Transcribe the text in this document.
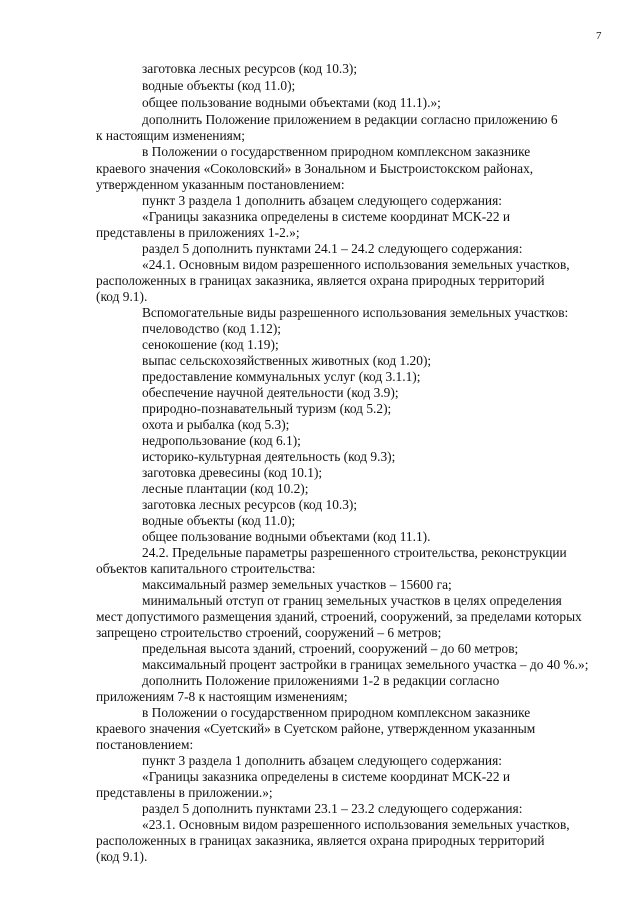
7
заготовка лесных ресурсов (код 10.3);
водные объекты (код 11.0);
общее пользование водными объектами (код 11.1).»;
дополнить Положение приложением в редакции согласно приложению 6
к настоящим изменениям;
в Положении о государственном природном комплексном заказнике
краевого значения «Соколовский» в Зональном и Быстроистокском районах,
утвержденном указанным постановлением:
пункт 3 раздела 1 дополнить абзацем следующего содержания:
«Границы заказника определены в системе координат МСК-22 и
представлены в приложениях 1-2.»;
раздел 5 дополнить пунктами 24.1 – 24.2 следующего содержания:
«24.1. Основным видом разрешенного использования земельных участков,
расположенных в границах заказника, является охрана природных территорий
(код 9.1).
Вспомогательные виды разрешенного использования земельных участков:
пчеловодство (код 1.12);
сенокошение (код 1.19);
выпас сельскохозяйственных животных (код 1.20);
предоставление коммунальных услуг (код 3.1.1);
обеспечение научной деятельности (код 3.9);
природно-познавательный туризм (код 5.2);
охота и рыбалка (код 5.3);
недропользование (код 6.1);
историко-культурная деятельность (код 9.3);
заготовка древесины (код 10.1);
лесные плантации (код 10.2);
заготовка лесных ресурсов (код 10.3);
водные объекты (код 11.0);
общее пользование водными объектами (код 11.1).
24.2. Предельные параметры разрешенного строительства, реконструкции
объектов капитального строительства:
максимальный размер земельных участков – 15600 га;
минимальный отступ от границ земельных участков в целях определения
мест допустимого размещения зданий, строений, сооружений, за пределами которых
запрещено строительство строений, сооружений – 6 метров;
предельная высота зданий, строений, сооружений – до 60 метров;
максимальный процент застройки в границах земельного участка – до 40 %.»;
дополнить Положение приложениями 1-2 в редакции согласно
приложениям 7-8 к настоящим изменениям;
в Положении о государственном природном комплексном заказнике
краевого значения «Суетский» в Суетском районе, утвержденном указанным
постановлением:
пункт 3 раздела 1 дополнить абзацем следующего содержания:
«Границы заказника определены в системе координат МСК-22 и
представлены в приложении.»;
раздел 5 дополнить пунктами 23.1 – 23.2 следующего содержания:
«23.1. Основным видом разрешенного использования земельных участков,
расположенных в границах заказника, является охрана природных территорий
(код 9.1).
